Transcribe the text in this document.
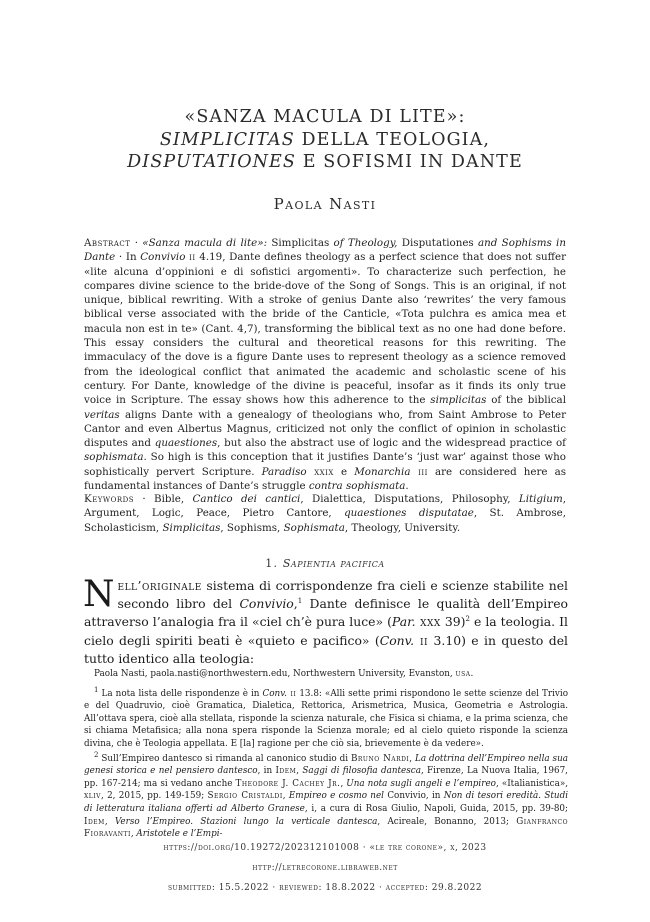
«SANZA MACULA DI LITE»:
SIMPLICITAS DELLA TEOLOGIA,
DISPUTATIONES E SOFISMI IN DANTE
Paola Nasti
Abstract · «Sanza macula di lite»: Simplicitas of Theology, Disputationes and Sophisms in Dante · In Convivio ii 4.19, Dante defines theology as a perfect science that does not suffer «lite alcuna d’oppinioni e di sofistici argomenti». To characterize such perfection, he compares divine science to the bride-dove of the Song of Songs. This is an original, if not unique, biblical rewriting. With a stroke of genius Dante also ‘rewrites’ the very famous biblical verse associated with the bride of the Canticle, «Tota pulchra es amica mea et macula non est in te» (Cant. 4,7), transforming the biblical text as no one had done before. This essay considers the cultural and theoretical reasons for this rewriting. The immaculacy of the dove is a figure Dante uses to represent theology as a science removed from the ideological conflict that animated the academic and scholastic scene of his century. For Dante, knowledge of the divine is peaceful, insofar as it finds its only true voice in Scripture. The essay shows how this adherence to the simplicitas of the biblical veritas aligns Dante with a genealogy of theologians who, from Saint Ambrose to Peter Cantor and even Albertus Magnus, criticized not only the conflict of opinion in scholastic disputes and quaestiones, but also the abstract use of logic and the widespread practice of sophismata. So high is this conception that it justifies Dante’s ‘just war’ against those who sophistically pervert Scripture. Paradiso xxix e Monarchia iii are considered here as fundamental instances of Dante’s struggle contra sophismata.
Keywords · Bible, Cantico dei cantici, Dialettica, Disputations, Philosophy, Litigium, Argument, Logic, Peace, Pietro Cantore, quaestiones disputatae, St. Ambrose, Scholasticism, Simplicitas, Sophisms, Sophismata, Theology, University.
1. Sapientia pacifica
Nell’originale sistema di corrispondenze fra cieli e scienze stabilite nel secondo libro del Convivio,$^1$ Dante definisce le qualità dell’Empireo attraverso l’analogia fra il «ciel ch’è pura luce» (Par. xxx 39)$^2$ e la teologia. Il cielo degli spiriti beati è «quieto e pacifico» (Conv. ii 3.10) e in questo del tutto identico alla teologia:
Paola Nasti, paola.nasti@northwestern.edu, Northwestern University, Evanston, usa.

$^1$ La nota lista delle rispondenze è in Conv. ii 13.8: «Alli sette primi rispondono le sette scienze del Trivio e del Quadruvio, cioè Gramatica, Dialetica, Rettorica, Arismetrica, Musica, Geometria e Astrologia. All’ottava spera, cioè alla stellata, risponde la scienza naturale, che Fisica si chiama, e la prima scienza, che si chiama Metafisica; alla nona spera risponde la Scienza morale; ed al cielo quieto risponde la scienza divina, che è Teologia appellata. E [la] ragione per che ciò sia, brievemente è da vedere».

$^2$ Sull’Empireo dantesco si rimanda al canonico studio di Bruno Nardi, La dottrina dell’Empireo nella sua genesi storica e nel pensiero dantesco, in Idem, Saggi di filosofia dantesca, Firenze, La Nuova Italia, 1967, pp. 167-214; ma si vedano anche Theodore J. Cachey Jr., Una nota sugli angeli e l’empireo, «Italianistica», xliv, 2, 2015, pp. 149-159; Sergio Cristaldi, Empireo e cosmo nel Convivio, in Non di tesori eredità. Studi di letteratura italiana offerti ad Alberto Granese, i, a cura di Rosa Giulio, Napoli, Guida, 2015, pp. 39-80; Idem, Verso l’Empireo. Stazioni lungo la verticale dantesca, Acireale, Bonanno, 2013; Gianfranco Fioravanti, Aristotele e l’Empi-

https://doi.org/10.19272/202312101008 · «le tre corone», x, 2023
http://letrecorone.libraweb.net
submitted: 15.5.2022 · reviewed: 18.8.2022 · accepted: 29.8.2022
